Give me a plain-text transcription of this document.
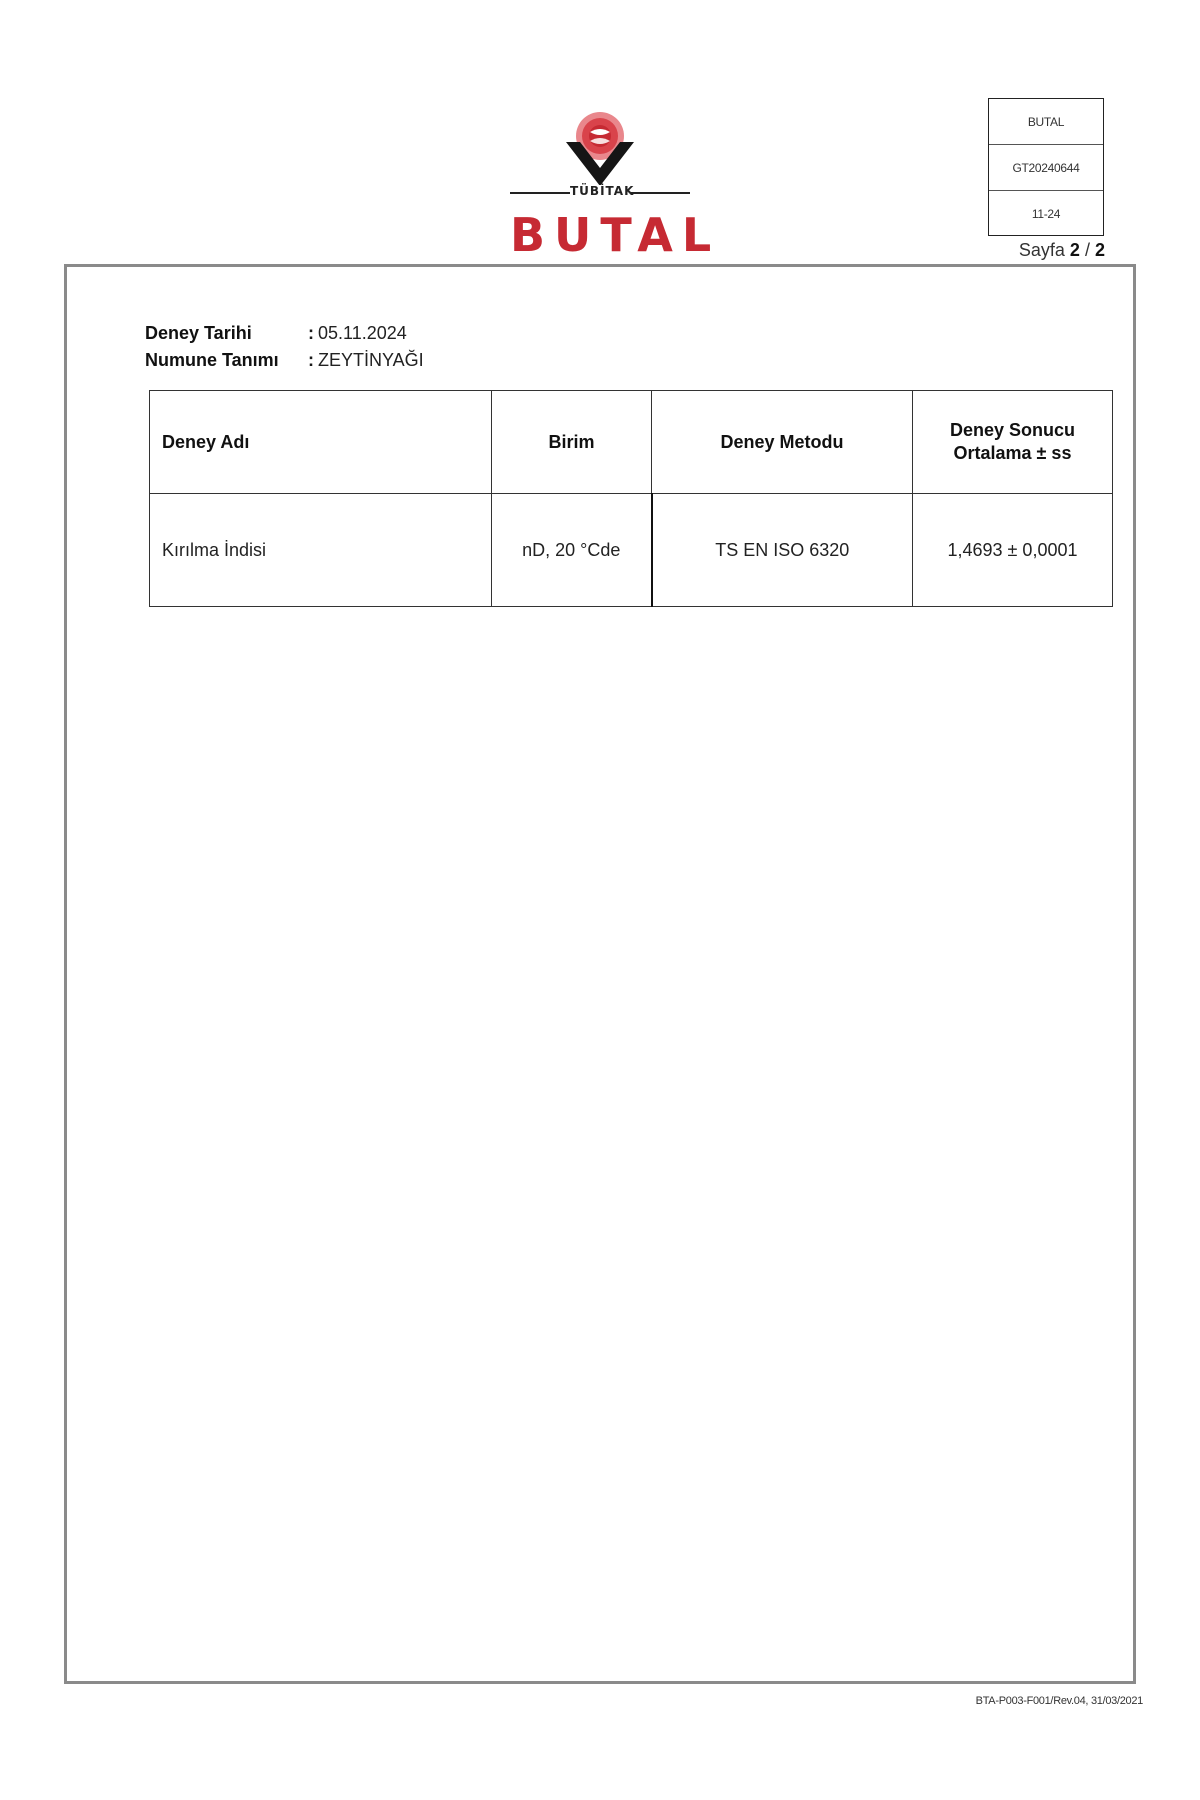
TÜBİTAK
BUTAL
BUTAL
GT20240644
11-24
Sayfa 2 / 2
Deney Tarihi	: 05.11.2024
Numune Tanımı	: ZEYTİNYAĞI
Deney Adı	Birim	Deney Metodu	Deney Sonucu
Ortalama ± ss
Kırılma İndisi	nD, 20 °Cde	TS EN ISO 6320	1,4693 ± 0,0001
BTA-P003-F001/Rev.04, 31/03/2021
